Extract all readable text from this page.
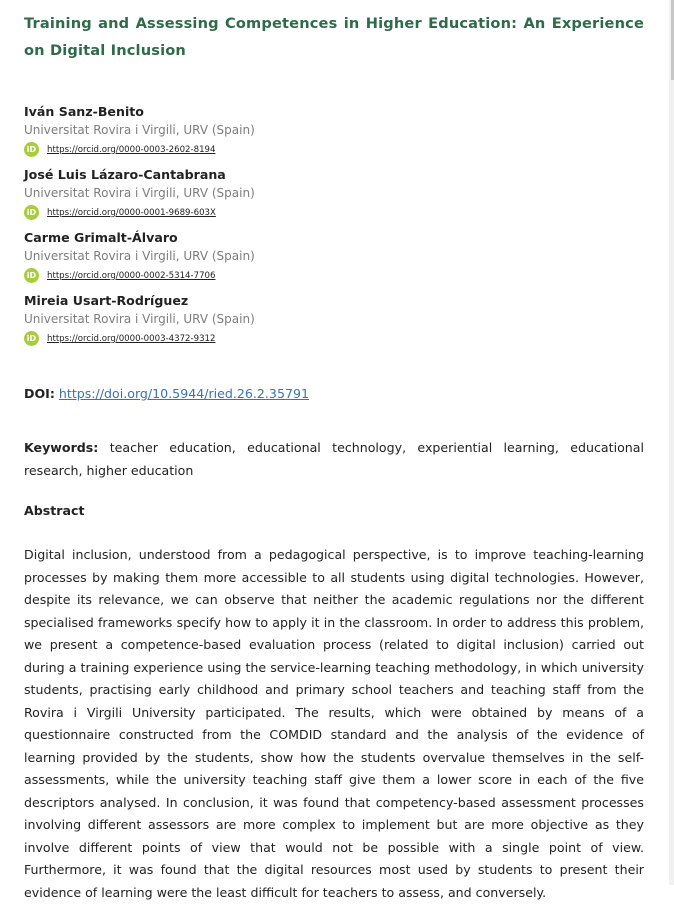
Training and Assessing Competences in Higher Education: An Experience on Digital Inclusion
Iván Sanz-Benito
Universitat Rovira i Virgili, URV (Spain)
iD	https://orcid.org/0000-0003-2602-8194
José Luis Lázaro-Cantabrana
Universitat Rovira i Virgili, URV (Spain)
iD	https://orcid.org/0000-0001-9689-603X
Carme Grimalt-Álvaro
Universitat Rovira i Virgili, URV (Spain)
iD	https://orcid.org/0000-0002-5314-7706
Mireia Usart-Rodríguez
Universitat Rovira i Virgili, URV (Spain)
iD	https://orcid.org/0000-0003-4372-9312
DOI: https://doi.org/10.5944/ried.26.2.35791
Keywords: teacher education, educational technology, experiential learning, educational research, higher education
Abstract
Digital inclusion, understood from a pedagogical perspective, is to improve teaching-learning processes by making them more accessible to all students using digital technologies. However, despite its relevance, we can observe that neither the academic regulations nor the different specialised frameworks specify how to apply it in the classroom. In order to address this problem, we present a competence-based evaluation process (related to digital inclusion) carried out during a training experience using the service-learning teaching methodology, in which university students, practising early childhood and primary school teachers and teaching staff from the Rovira i Virgili University participated. The results, which were obtained by means of a questionnaire constructed from the COMDID standard and the analysis of the evidence of learning provided by the students, show how the students overvalue themselves in the self-assessments, while the university teaching staff give them a lower score in each of the five descriptors analysed. In conclusion, it was found that competency-based assessment processes involving different assessors are more complex to implement but are more objective as they involve different points of view that would not be possible with a single point of view. Furthermore, it was found that the digital resources most used by students to present their evidence of learning were the least difficult for teachers to assess, and conversely.
